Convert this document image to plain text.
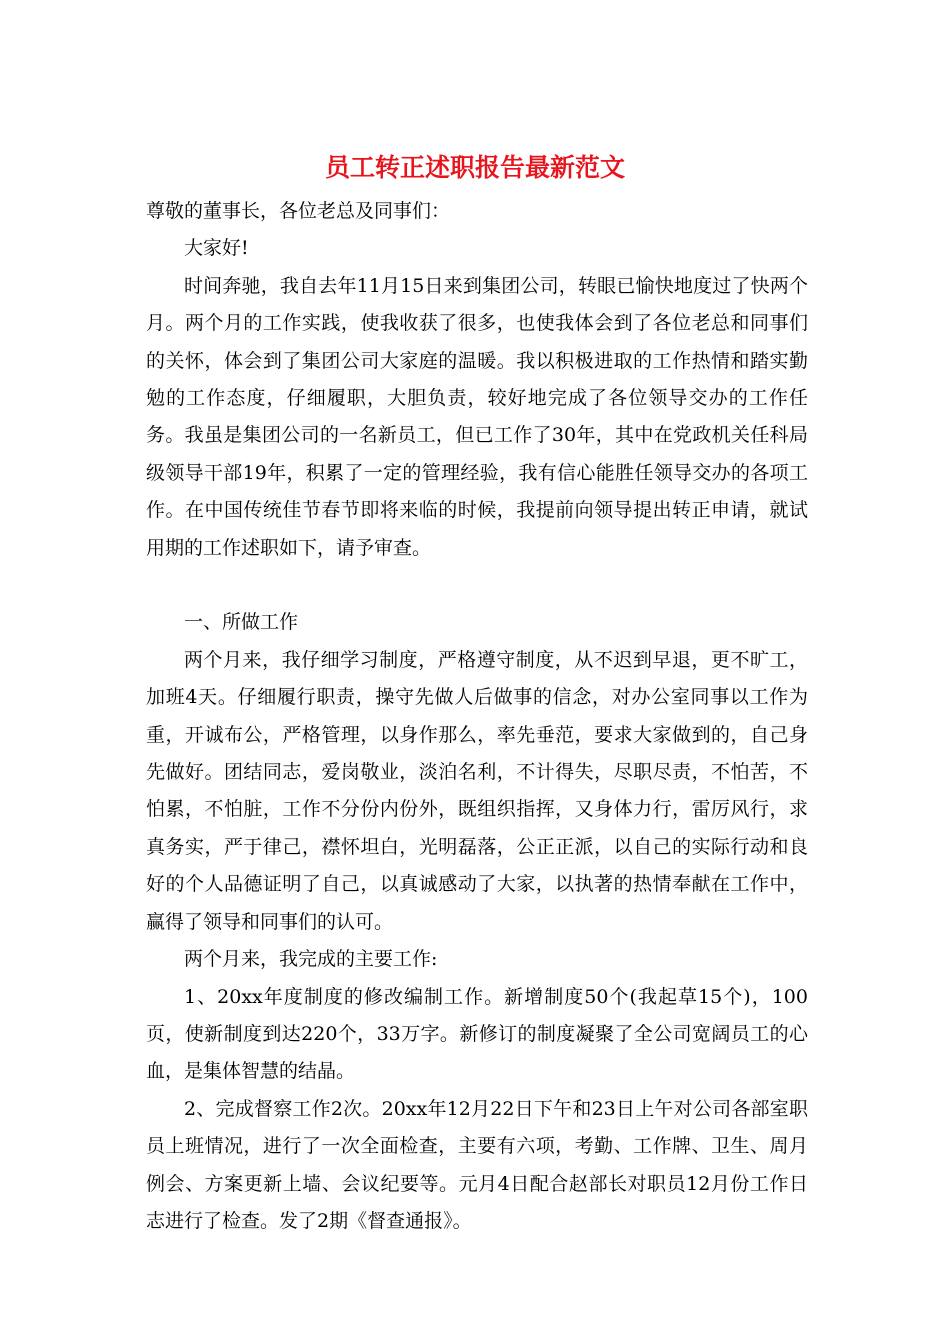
员工转正述职报告最新范文

尊敬的董事长，各位老总及同事们：

大家好!

时间奔驰，我自去年11月15日来到集团公司，转眼已愉快地度过了快两个月。两个月的工作实践，使我收获了很多，也使我体会到了各位老总和同事们的关怀，体会到了集团公司大家庭的温暖。我以积极进取的工作热情和踏实勤勉的工作态度，仔细履职，大胆负责，较好地完成了各位领导交办的工作任务。我虽是集团公司的一名新员工，但已工作了30年，其中在党政机关任科局级领导干部19年，积累了一定的管理经验，我有信心能胜任领导交办的各项工作。在中国传统佳节春节即将来临的时候，我提前向领导提出转正申请，就试用期的工作述职如下，请予审查。

一、所做工作

两个月来，我仔细学习制度，严格遵守制度，从不迟到早退，更不旷工，加班4天。仔细履行职责，操守先做人后做事的信念，对办公室同事以工作为重，开诚布公，严格管理，以身作那么，率先垂范，要求大家做到的，自己身先做好。团结同志，爱岗敬业，淡泊名利，不计得失，尽职尽责，不怕苦，不怕累，不怕脏，工作不分份内份外，既组织指挥，又身体力行，雷厉风行，求真务实，严于律己，襟怀坦白，光明磊落，公正正派，以自己的实际行动和良好的个人品德证明了自己，以真诚感动了大家，以执著的热情奉献在工作中，赢得了领导和同事们的认可。

两个月来，我完成的主要工作:

1、20xx年度制度的修改编制工作。新增制度50个(我起草15个)，100页，使新制度到达220个，33万字。新修订的制度凝聚了全公司宽阔员工的心血，是集体智慧的结晶。

2、完成督察工作2次。20xx年12月22日下午和23日上午对公司各部室职员上班情况，进行了一次全面检查，主要有六项，考勤、工作牌、卫生、周月例会、方案更新上墙、会议纪要等。元月4日配合赵部长对职员12月份工作日志进行了检查。发了2期《督查通报》。
